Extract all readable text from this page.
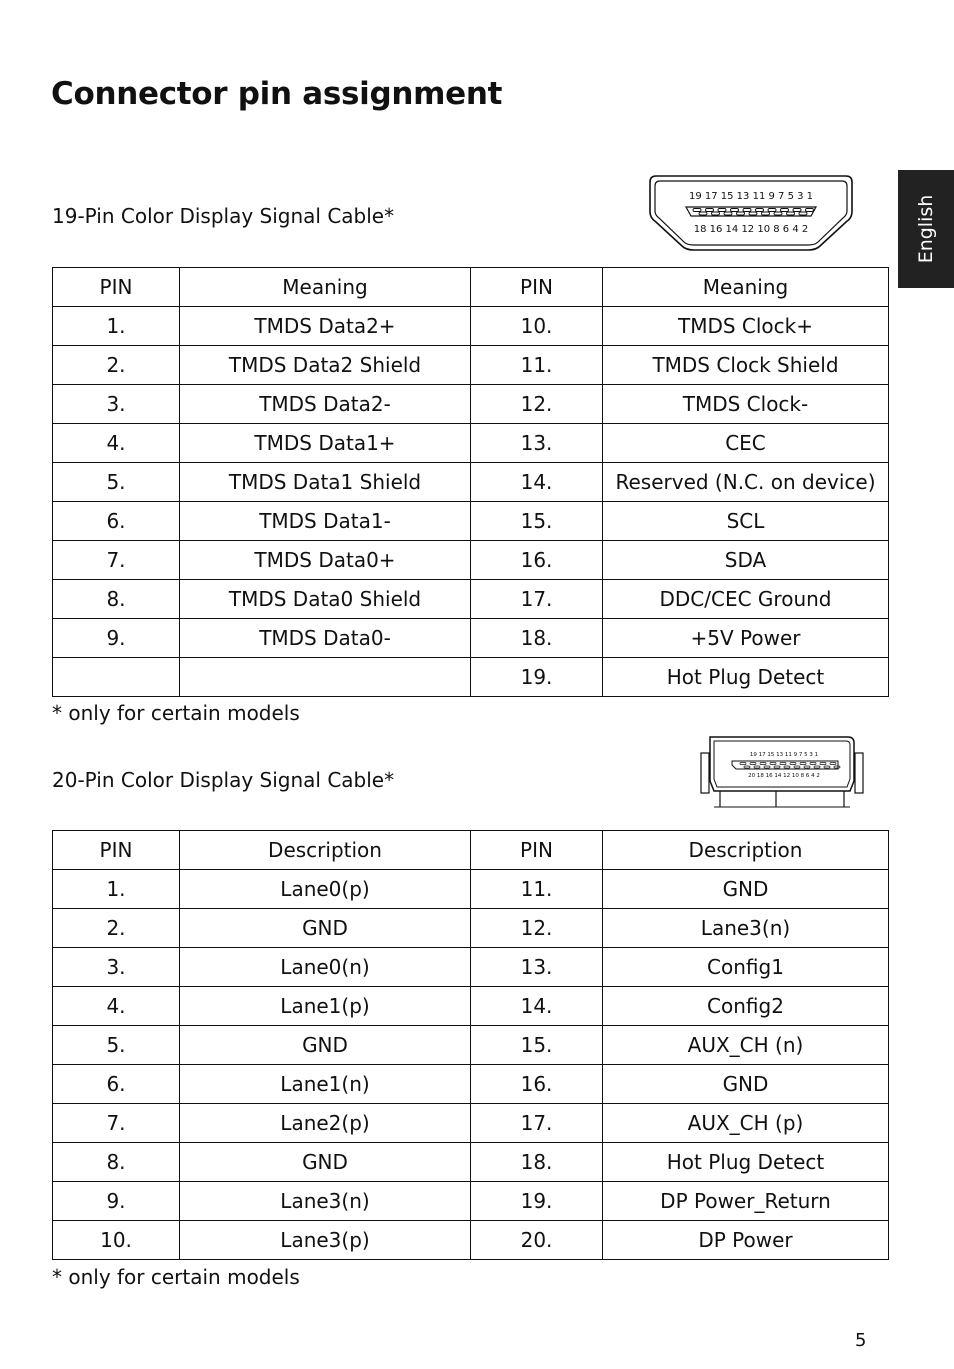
Connector pin assignment
English

19-Pin Color Display Signal Cable*

19 17 15 13 11 9 7 5 3 1
18 16 14 12 10 8 6 4 2
PIN	Meaning	PIN	Meaning
1.	TMDS Data2+	10.	TMDS Clock+
2.	TMDS Data2 Shield	11.	TMDS Clock Shield
3.	TMDS Data2-	12.	TMDS Clock-
4.	TMDS Data1+	13.	CEC
5.	TMDS Data1 Shield	14.	Reserved (N.C. on device)
6.	TMDS Data1-	15.	SCL
7.	TMDS Data0+	16.	SDA
8.	TMDS Data0 Shield	17.	DDC/CEC Ground
9.	TMDS Data0-	18.	+5V Power
		19.	Hot Plug Detect

* only for certain models

20-Pin Color Display Signal Cable*

19 17 15 13 11 9 7 5 3 1
20 18 16 14 12 10 8 6 4 2
PIN	Description	PIN	Description
1.	Lane0(p)	11.	GND
2.	GND	12.	Lane3(n)
3.	Lane0(n)	13.	Config1
4.	Lane1(p)	14.	Config2
5.	GND	15.	AUX_CH (n)
6.	Lane1(n)	16.	GND
7.	Lane2(p)	17.	AUX_CH (p)
8.	GND	18.	Hot Plug Detect
9.	Lane3(n)	19.	DP Power_Return
10.	Lane3(p)	20.	DP Power

* only for certain models

5
